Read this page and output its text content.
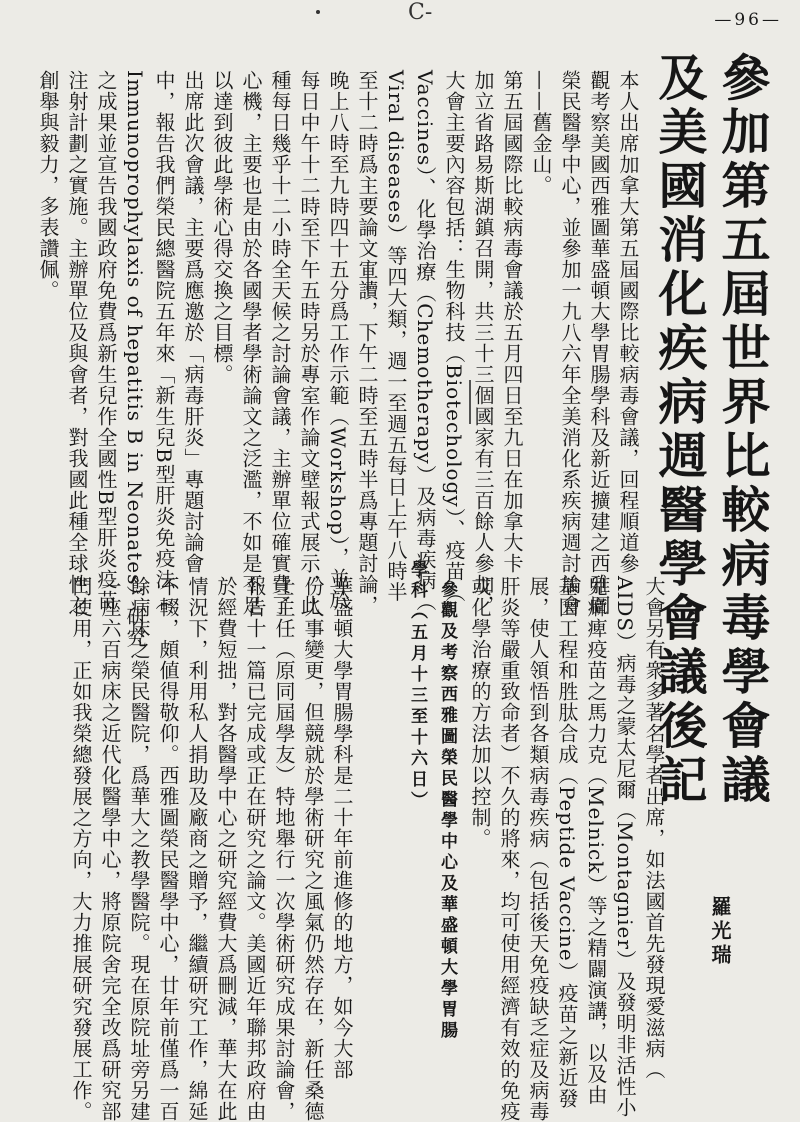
—96—
C-
參加第五屆世界比較病毒學會議
及美國消化疾病週醫學會議後記
羅光瑞
本人出席加拿大第五屆國際比較病毒會議，回程順道參
觀考察美國西雅圖華盛頓大學胃腸學科及新近擴建之西雅圖
榮民醫學中心，並參加一九八六年全美消化系疾病週討論會
——舊金山。
第五屆國際比較病毒會議於五月四日至九日在加拿大卡
加立省路易斯湖鎮召開，共三十三個國家有三百餘人參加，
大會主要內容包括：生物科技（Biotechology）、疫苗（
Vaccines）、化學治療（Chemotherapy）及病毒疾病（
Viral diseases）等四大類，週一至週五每日上午八時半
至十二時爲主要論文宣讀，下午二時至五時半爲專題討論，
晚上八時至九時四十五分爲工作示範（Workshop），並於
每日中午十二時至下午五時另於專室作論文壁報式展示，此
種每日幾乎十二小時全天候之討論會議，主辦單位確實費了
心機，主要也是由於各國學者學術論文之泛濫，不如是不足
以達到彼此學術心得交換之目標。
出席此次會議，主要爲應邀於「病毒肝炎」專題討論會
中，報告我們榮民總醫院五年來「新生兒B型肝炎免疫法（
Immunoprophylaxis of hepatitis B in Neonates）研究
之成果並宣告我國政府免費爲新生兒作全國性B型肝炎疫苗
注射計劃之實施。主辦單位及與會者，對我國此種全球性之
創舉與毅力，多表讚佩。
大會另有衆多著名學者出席，如法國首先發現愛滋病（
AIDS）病毒之蒙太尼爾（Montagnier）及發明非活性小
兒痲痺疫苗之馬力克（Melnick）等之精闢演講，以及由
基因工程和胜肽合成（Peptide Vaccine）疫苗之新近發
展，使人領悟到各類病毒疾病（包括後天免疫缺乏症及病毒
肝炎等嚴重致命者）不久的將來，均可使用經濟有效的免疫
或化學治療的方法加以控制。
參觀及考察西雅圖榮民醫學中心及華盛頓大學胃腸
學科（五月十三至十六日）
華盛頓大學胃腸學科是二十年前進修的地方，如今大部
份人事變更，但競就於學術研究之風氣仍然存在，新任桑德
士主任（原同屆學友）特地舉行一次學術研究成果討論會，
報告十一篇已完成或正在研究之論文。美國近年聯邦政府由
於經費短拙，對各醫學中心之研究經費大爲刪減，華大在此
情況下，利用私人捐助及廠商之贈予，繼續研究工作，綿延
不輟，頗値得敬仰。西雅圖榮民醫學中心，廿年前僅爲一百
餘病床之榮民醫院，爲華大之教學醫院。現在原院址旁另建
一座六百病床之近代化醫學中心，將原院舍完全改爲研究部
門使用，正如我榮總發展之方向，大力推展研究發展工作。
